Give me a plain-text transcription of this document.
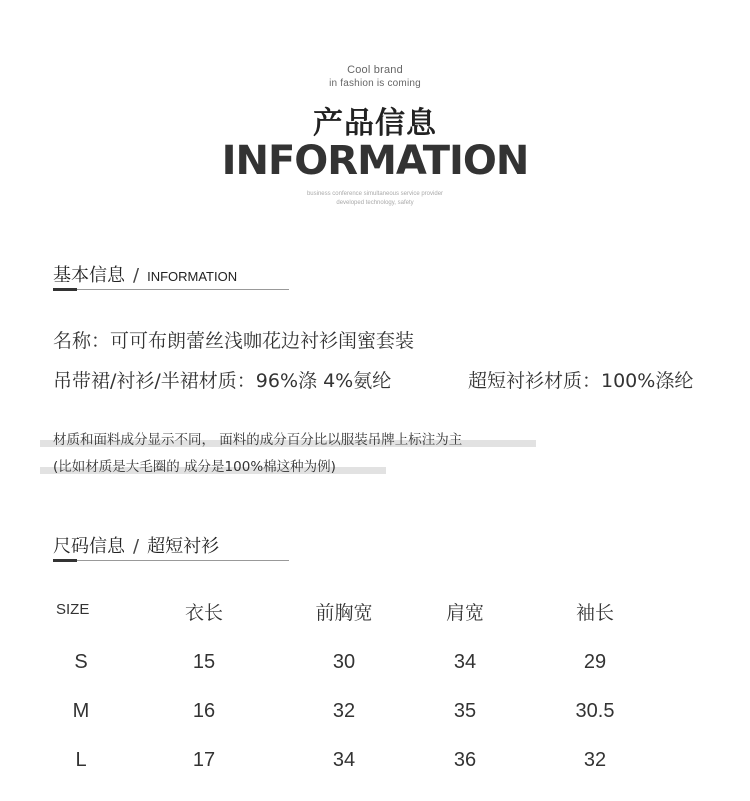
Cool brand
in fashion is coming
产品信息
INFORMATION
business conference simultaneous service provider
developed technology, safety
基本信息 / INFORMATION
名称：可可布朗蕾丝浅咖花边衬衫闺蜜套装
吊带裙/衬衫/半裙材质：96%涤 4%氨纶	超短衬衫材质：100%涤纶
材质和面料成分显示不同， 面料的成分百分比以服装吊牌上标注为主
(比如材质是大毛圈的 成分是100%棉这种为例)
尺码信息 / 超短衬衫
SIZE	衣长	前胸宽	肩宽	袖长
S	15	30	34	29
M	16	32	35	30.5
L	17	34	36	32
